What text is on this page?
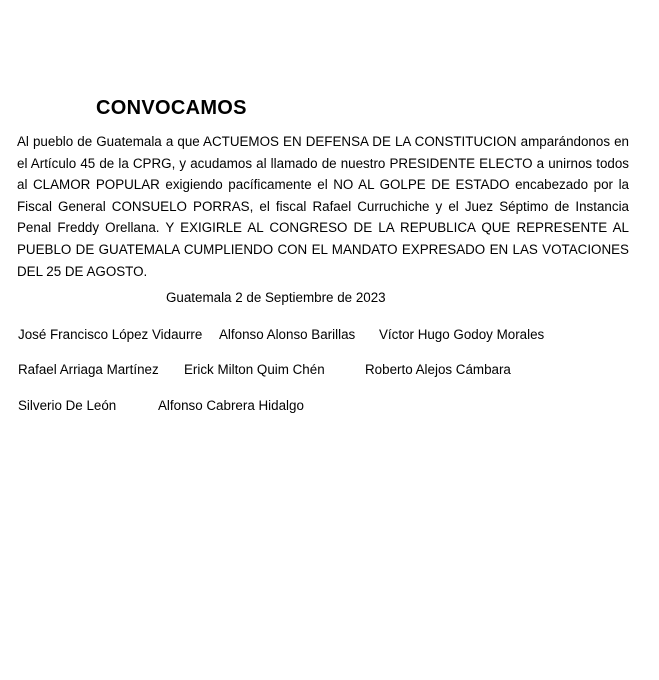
CONVOCAMOS

Al pueblo de Guatemala a que ACTUEMOS EN DEFENSA DE LA CONSTITUCION amparándonos en el Artículo 45 de la CPRG, y acudamos al llamado de nuestro PRESIDENTE ELECTO a unirnos todos al CLAMOR POPULAR exigiendo pacíficamente el NO AL GOLPE DE ESTADO encabezado por la Fiscal General CONSUELO PORRAS, el fiscal Rafael Curruchiche y el Juez Séptimo de Instancia Penal Freddy Orellana. Y EXIGIRLE AL CONGRESO DE LA REPUBLICA QUE REPRESENTE AL PUEBLO DE GUATEMALA CUMPLIENDO CON EL MANDATO EXPRESADO EN LAS VOTACIONES DEL 25 DE AGOSTO.

Guatemala 2 de Septiembre de 2023

José Francisco López Vidaurre Alfonso Alonso Barillas Víctor Hugo Godoy Morales
Rafael Arriaga Martínez Erick Milton Quim Chén	Roberto Alejos Cámbara
Silverio De León	Alfonso Cabrera Hidalgo
